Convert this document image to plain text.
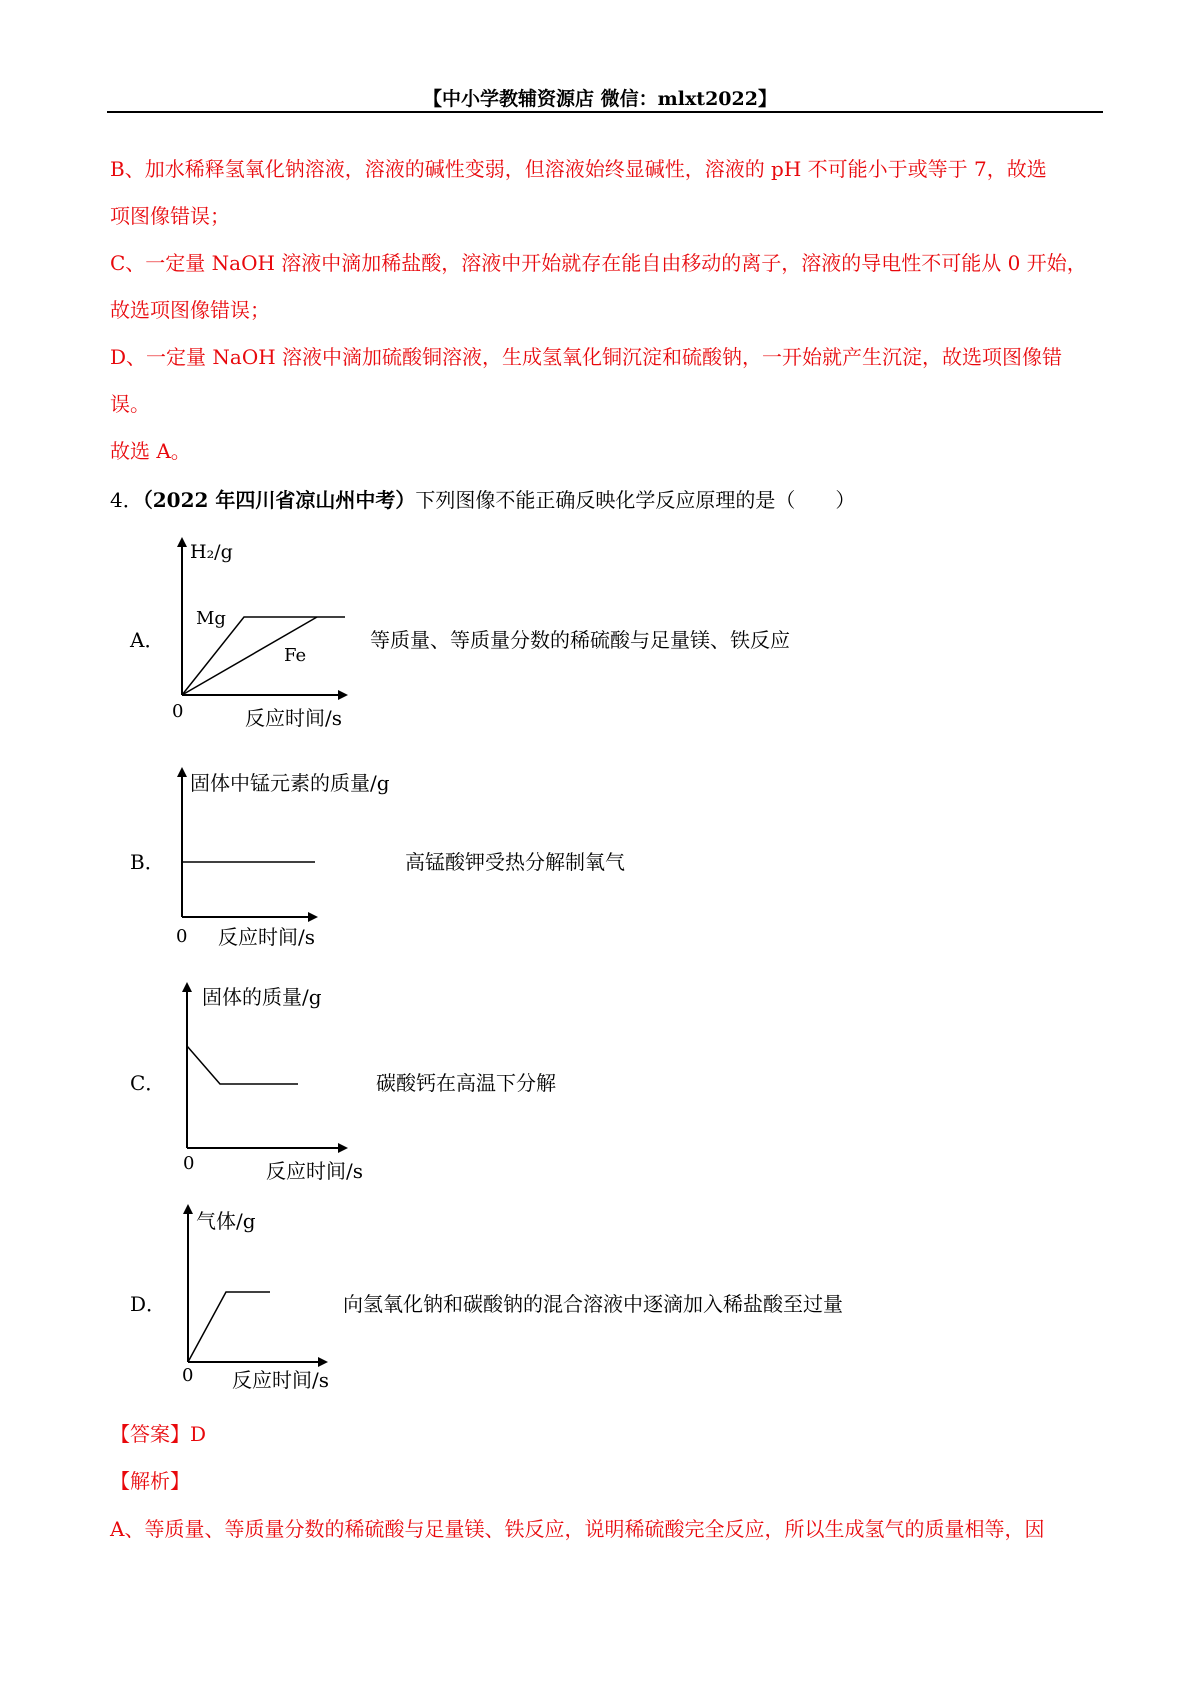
【中小学教辅资源店 微信：mlxt2022】
B、加水稀释氢氧化钠溶液，溶液的碱性变弱，但溶液始终显碱性，溶液的 pH 不可能小于或等于 7，故选
项图像错误；
C、一定量 NaOH 溶液中滴加稀盐酸，溶液中开始就存在能自由移动的离子，溶液的导电性不可能从 0 开始，
故选项图像错误；
D、一定量 NaOH 溶液中滴加硫酸铜溶液，生成氢氧化铜沉淀和硫酸钠，一开始就产生沉淀，故选项图像错
误。
故选 A。
4．（2022 年四川省凉山州中考）下列图像不能正确反映化学反应原理的是（　　）
A．
H₂/g
Mg
Fe
0	反应时间/s
等质量、等质量分数的稀硫酸与足量镁、铁反应
B．
固体中锰元素的质量/g
0 反应时间/s
高锰酸钾受热分解制氧气
C．
固体的质量/g
0	反应时间/s
碳酸钙在高温下分解
D．
气体/g
0 反应时间/s
向氢氧化钠和碳酸钠的混合溶液中逐滴加入稀盐酸至过量
【答案】D
【解析】
A、等质量、等质量分数的稀硫酸与足量镁、铁反应，说明稀硫酸完全反应，所以生成氢气的质量相等，因
